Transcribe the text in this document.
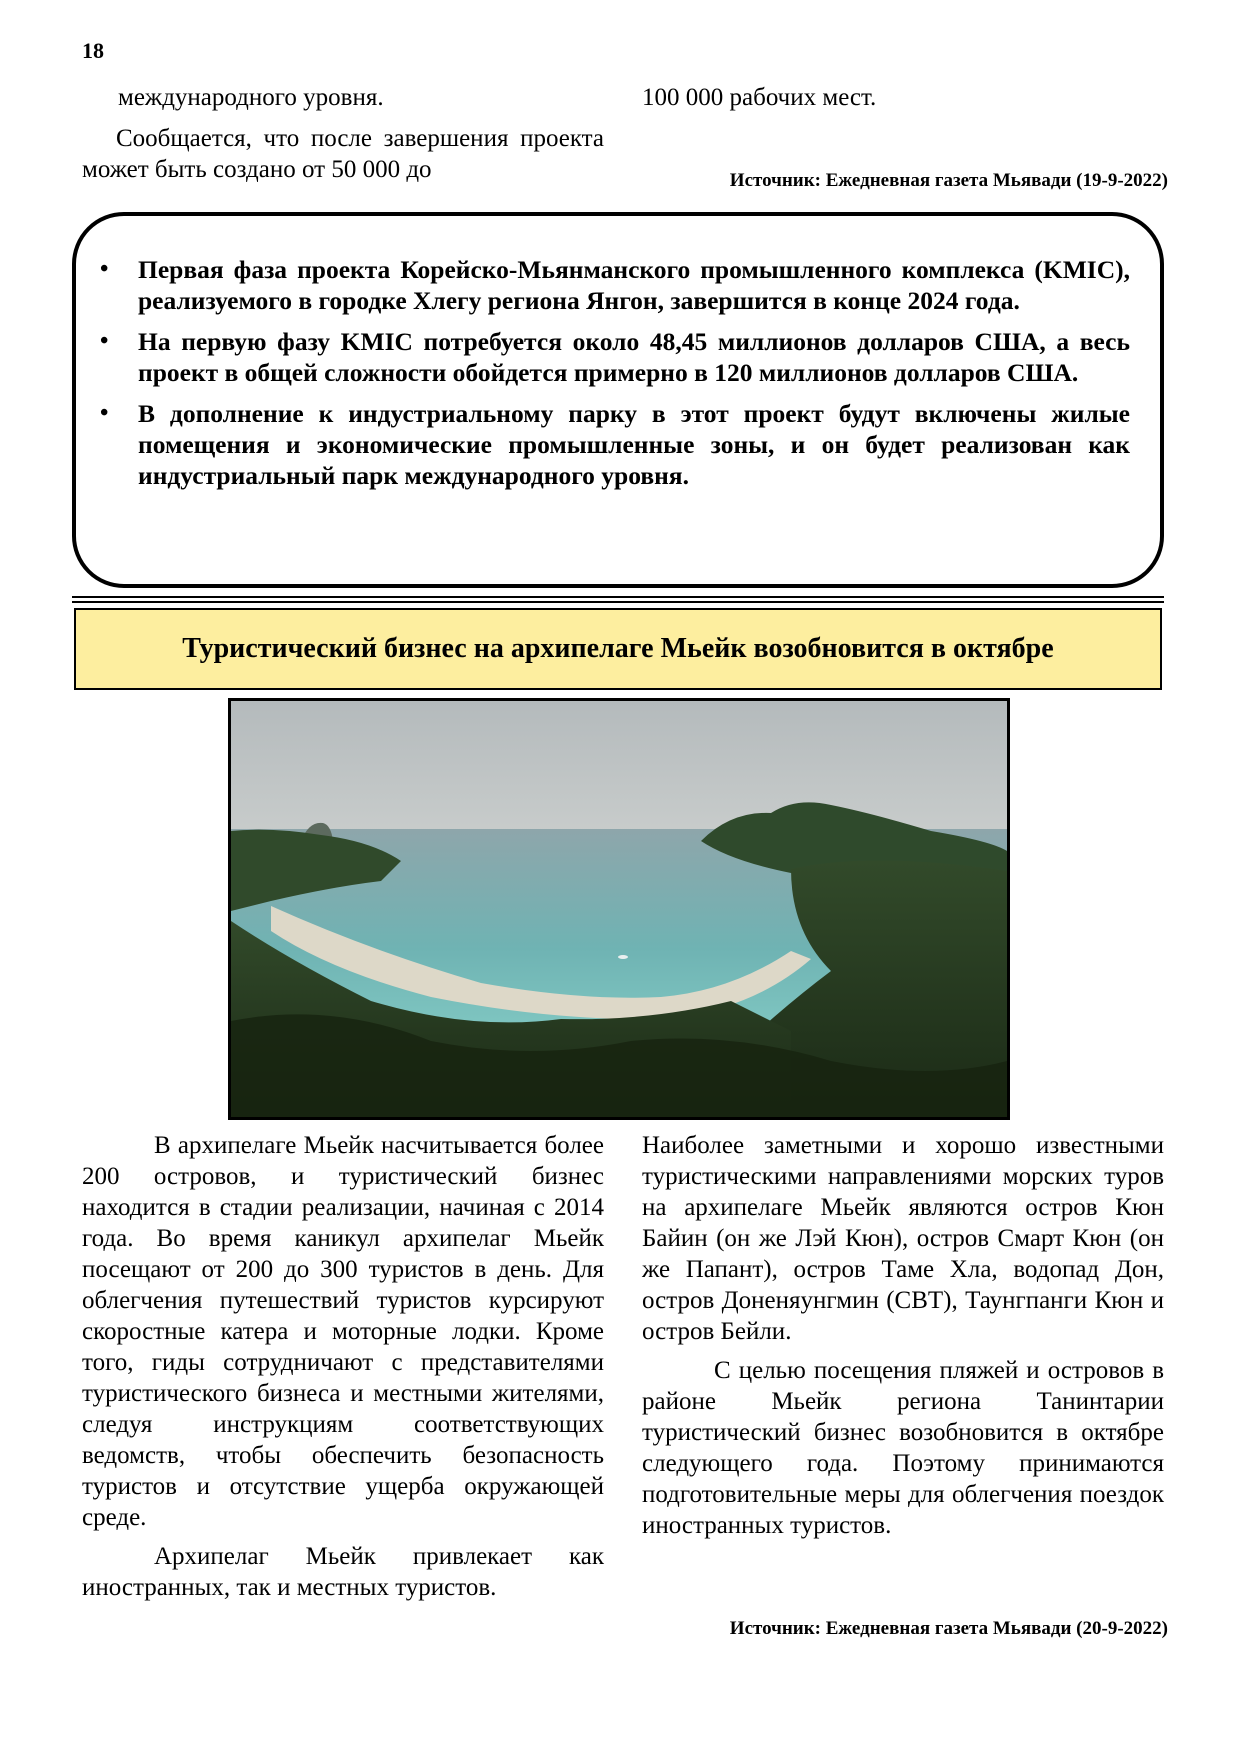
18

международного уровня.

Сообщается, что после завершения проекта может быть создано от 50 000 до

100 000 рабочих мест.

Источник: Ежедневная газета Мьявади (19-9-2022)
• Первая фаза проекта Корейско-Мьянманского промышленного комплекса (KMIC), реализуемого в городке Хлегу региона Янгон, завершится в конце 2024 года.
• На первую фазу KMIC потребуется около 48,45 миллионов долларов США, а весь проект в общей сложности обойдется примерно в 120 миллионов долларов США.
• В дополнение к индустриальному парку в этот проект будут включены жилые помещения и экономические промышленные зоны, и он будет реализован как индустриальный парк международного уровня.
Туристический бизнес на архипелаге Мьейк возобновится в октябре

В архипелаге Мьейк насчитывается более 200 островов, и туристический бизнес находится в стадии реализации, начиная с 2014 года. Во время каникул архипелаг Мьейк посещают от 200 до 300 туристов в день. Для облегчения путешествий туристов курсируют скоростные катера и моторные лодки. Кроме того, гиды сотрудничают с представителями туристического бизнеса и местными жителями, следуя инструкциям соответствующих ведомств, чтобы обеспечить безопасность туристов и отсутствие ущерба окружающей среде.

Архипелаг Мьейк привлекает как иностранных, так и местных туристов.

Наиболее заметными и хорошо известными туристическими направлениями морских туров на архипелаге Мьейк являются остров Кюн Байин (он же Лэй Кюн), остров Смарт Кюн (он же Папант), остров Таме Хла, водопад Дон, остров Доненяунгмин (CBT), Таунгпанги Кюн и остров Бейли.

С целью посещения пляжей и островов в районе Мьейк региона Танинтарии туристический бизнес возобновится в октябре следующего года. Поэтому принимаются подготовительные меры для облегчения поездок иностранных туристов.

Источник: Ежедневная газета Мьявади (20-9-2022)
